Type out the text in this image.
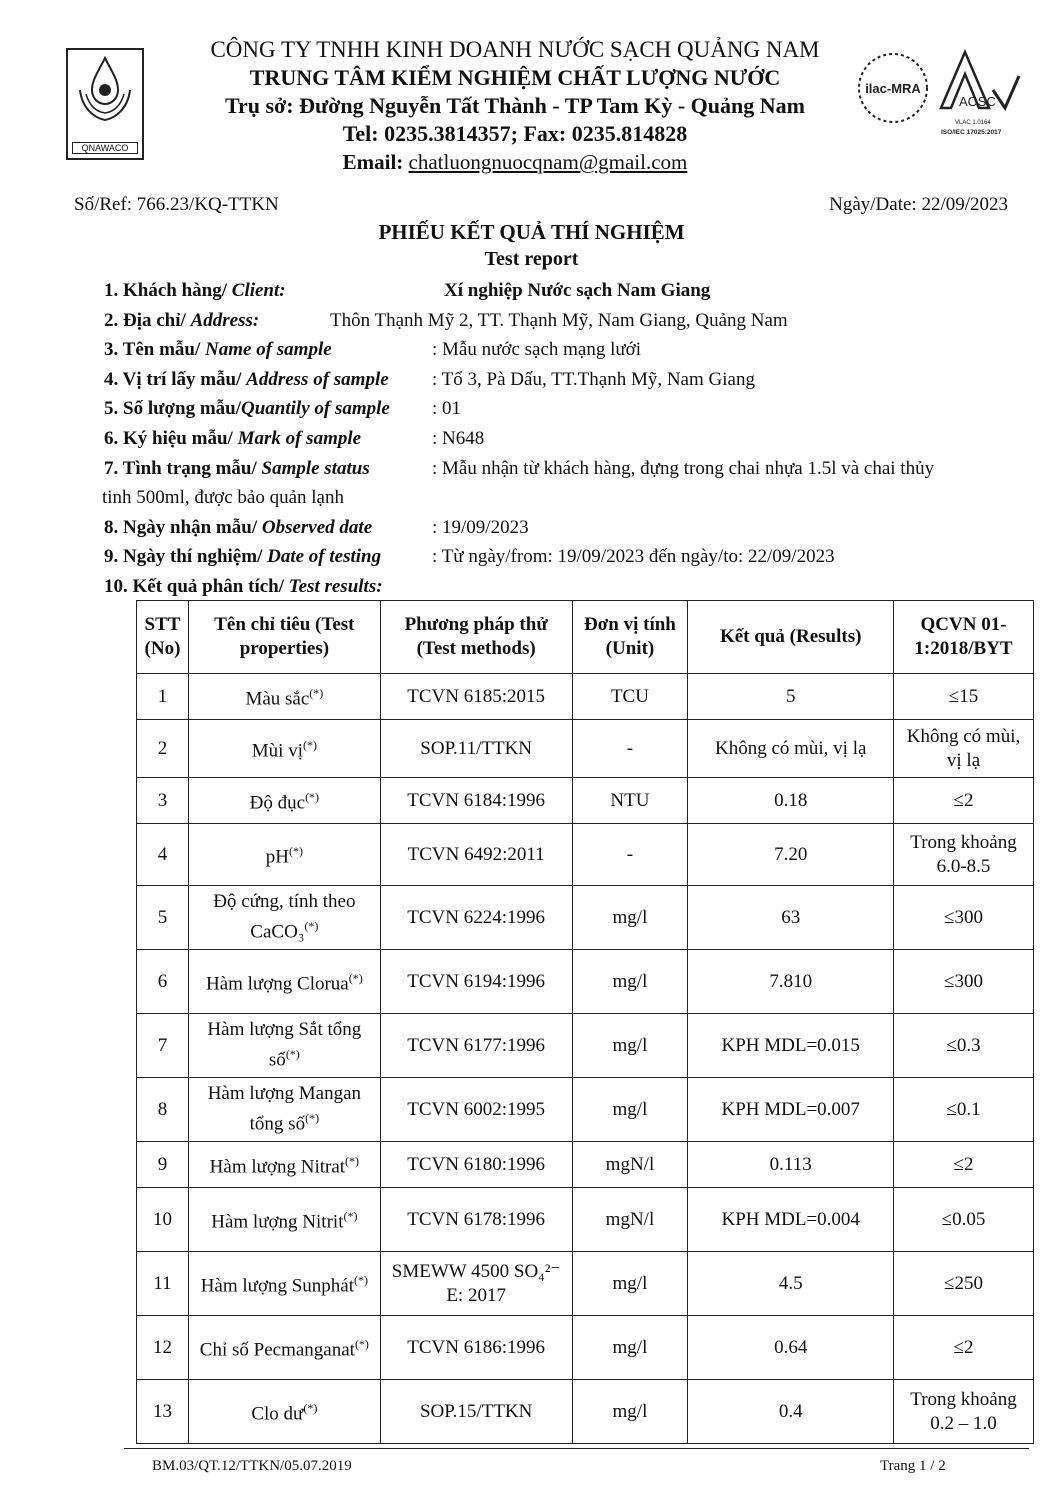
QNAWACO
CÔNG TY TNHH KINH DOANH NƯỚC SẠCH QUẢNG NAM
TRUNG TÂM KIỂM NGHIỆM CHẤT LƯỢNG NƯỚC
Trụ sở: Đường Nguyễn Tất Thành - TP Tam Kỳ - Quảng Nam
Tel: 0235.3814357; Fax: 0235.814828
Email: chatluongnuocqnam@gmail.com
ilac-MRA
AOSC
VLAC 1.0164
ISO/IEC 17025:2017
Số/Ref: 766.23/KQ-TTKN	Ngày/Date: 22/09/2023
PHIẾU KẾT QUẢ THÍ NGHIỆM
Test report
1. Khách hàng/ Client:	Xí nghiệp Nước sạch Nam Giang
2. Địa chỉ/ Address:	Thôn Thạnh Mỹ 2, TT. Thạnh Mỹ, Nam Giang, Quảng Nam
3. Tên mẫu/ Name of sample	: Mẫu nước sạch mạng lưới
4. Vị trí lấy mẫu/ Address of sample : Tổ 3, Pà Dấu, TT.Thạnh Mỹ, Nam Giang
5. Số lượng mẫu/Quantily of sample : 01
6. Ký hiệu mẫu/ Mark of sample	: N648
7. Tình trạng mẫu/ Sample status	: Mẫu nhận từ khách hàng, đựng trong chai nhựa 1.5l và chai thủy
tinh 500ml, được bảo quản lạnh
8. Ngày nhận mẫu/ Observed date	: 19/09/2023
9. Ngày thí nghiệm/ Date of testing	: Từ ngày/from: 19/09/2023 đến ngày/to: 22/09/2023
10. Kết quả phân tích/ Test results:
STT (No)	Tên chỉ tiêu (Test properties)	Phương pháp thử (Test methods)	Đơn vị tính (Unit)	Kết quả (Results)	QCVN 01-1:2018/BYT
1	Màu sắc(*)	TCVN 6185:2015	TCU	5	≤15
2	Mùi vị(*)	SOP.11/TTKN	-	Không có mùi, vị lạ	Không có mùi, vị lạ
3	Độ đục(*)	TCVN 6184:1996	NTU	0.18	≤2
4	pH(*)	TCVN 6492:2011	-	7.20	Trong khoảng 6.0-8.5
5	Độ cứng, tính theo CaCO₃(*)	TCVN 6224:1996	mg/l	63	≤300
6	Hàm lượng Clorua(*)	TCVN 6194:1996	mg/l	7.810	≤300
7	Hàm lượng Sắt tổng số(*)	TCVN 6177:1996	mg/l	KPH MDL=0.015	≤0.3
8	Hàm lượng Mangan tổng số(*)	TCVN 6002:1995	mg/l	KPH MDL=0.007	≤0.1
9	Hàm lượng Nitrat(*)	TCVN 6180:1996	mgN/l	0.113	≤2
10	Hàm lượng Nitrit(*)	TCVN 6178:1996	mgN/l	KPH MDL=0.004	≤0.05
11	Hàm lượng Sunphát(*)	SMEWW 4500 SO₄²⁻ E: 2017	mg/l	4.5	≤250
12	Chỉ số Pecmanganat(*)	TCVN 6186:1996	mg/l	0.64	≤2
13	Clo dư(*)	SOP.15/TTKN	mg/l	0.4	Trong khoảng 0.2 – 1.0
BM.03/QT.12/TTKN/05.07.2019	Trang 1 / 2
